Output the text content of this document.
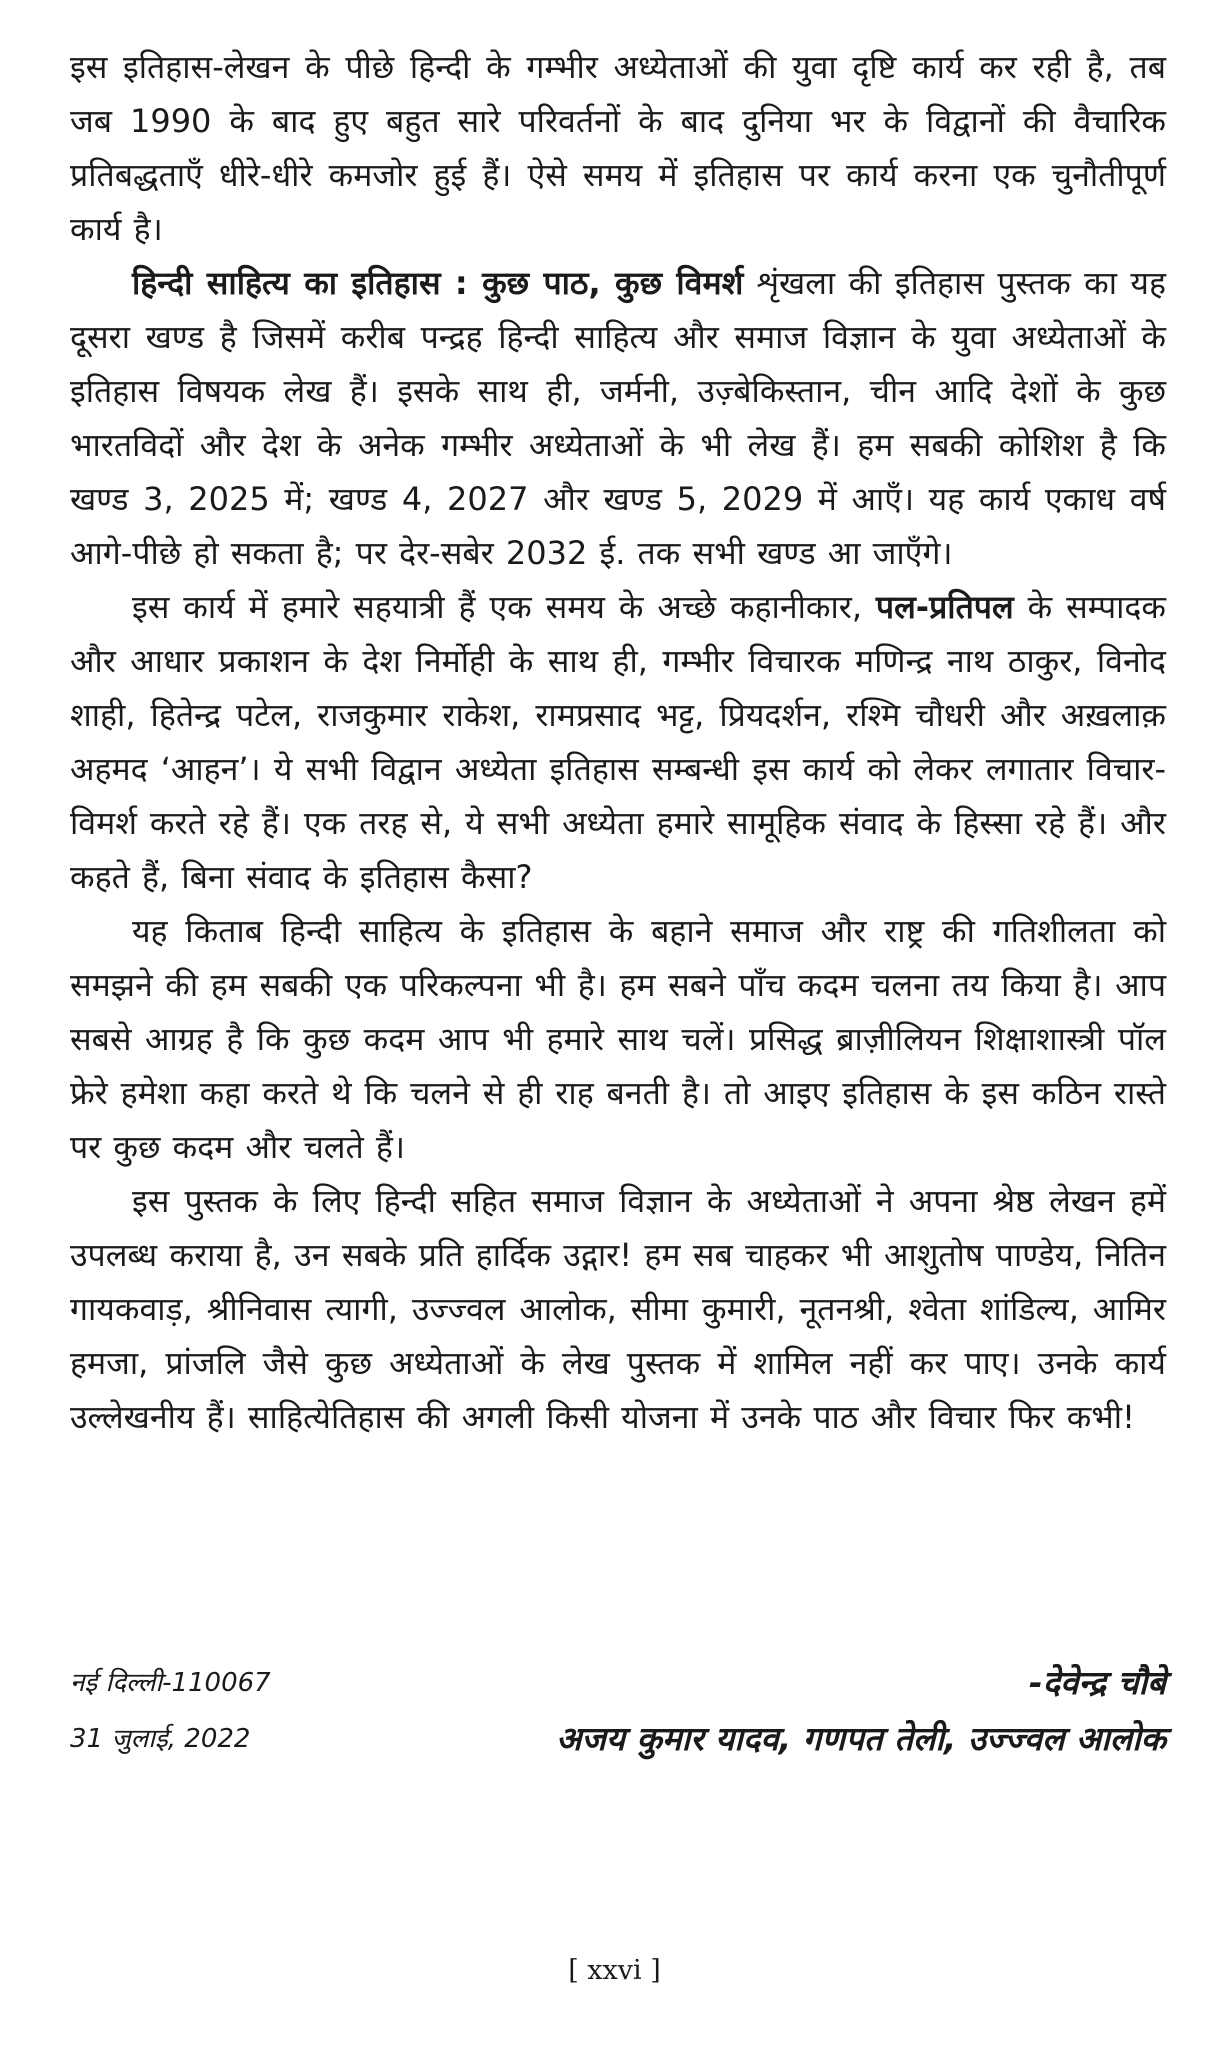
इस इतिहास-लेखन के पीछे हिन्दी के गम्भीर अध्येताओं की युवा दृष्टि कार्य कर रही है, तब जब 1990 के बाद हुए बहुत सारे परिवर्तनों के बाद दुनिया भर के विद्वानों की वैचारिक प्रतिबद्धताएँ धीरे-धीरे कमजोर हुई हैं। ऐसे समय में इतिहास पर कार्य करना एक चुनौतीपूर्ण कार्य है।

हिन्दी साहित्य का इतिहास : कुछ पाठ, कुछ विमर्श शृंखला की इतिहास पुस्तक का यह दूसरा खण्ड है जिसमें करीब पन्द्रह हिन्दी साहित्य और समाज विज्ञान के युवा अध्येताओं के इतिहास विषयक लेख हैं। इसके साथ ही, जर्मनी, उज़्बेकिस्तान, चीन आदि देशों के कुछ भारतविदों और देश के अनेक गम्भीर अध्येताओं के भी लेख हैं। हम सबकी कोशिश है कि खण्ड 3, 2025 में; खण्ड 4, 2027 और खण्ड 5, 2029 में आएँ। यह कार्य एकाध वर्ष आगे-पीछे हो सकता है; पर देर-सबेर 2032 ई. तक सभी खण्ड आ जाएँगे।

इस कार्य में हमारे सहयात्री हैं एक समय के अच्छे कहानीकार, पल-प्रतिपल के सम्पादक और आधार प्रकाशन के देश निर्मोही के साथ ही, गम्भीर विचारक मणिन्द्र नाथ ठाकुर, विनोद शाही, हितेन्द्र पटेल, राजकुमार राकेश, रामप्रसाद भट्ट, प्रियदर्शन, रश्मि चौधरी और अख़लाक़ अहमद ‘आहन’। ये सभी विद्वान अध्येता इतिहास सम्बन्धी इस कार्य को लेकर लगातार विचार-विमर्श करते रहे हैं। एक तरह से, ये सभी अध्येता हमारे सामूहिक संवाद के हिस्सा रहे हैं। और कहते हैं, बिना संवाद के इतिहास कैसा?

यह किताब हिन्दी साहित्य के इतिहास के बहाने समाज और राष्ट्र की गतिशीलता को समझने की हम सबकी एक परिकल्पना भी है। हम सबने पाँच कदम चलना तय किया है। आप सबसे आग्रह है कि कुछ कदम आप भी हमारे साथ चलें। प्रसिद्ध ब्राज़ीलियन शिक्षाशास्त्री पॉल फ्रेरे हमेशा कहा करते थे कि चलने से ही राह बनती है। तो आइए इतिहास के इस कठिन रास्ते पर कुछ कदम और चलते हैं।

इस पुस्तक के लिए हिन्दी सहित समाज विज्ञान के अध्येताओं ने अपना श्रेष्ठ लेखन हमें उपलब्ध कराया है, उन सबके प्रति हार्दिक उद्गार! हम सब चाहकर भी आशुतोष पाण्डेय, नितिन गायकवाड़, श्रीनिवास त्यागी, उज्ज्वल आलोक, सीमा कुमारी, नूतनश्री, श्वेता शांडिल्य, आमिर हमजा, प्रांजलि जैसे कुछ अध्येताओं के लेख पुस्तक में शामिल नहीं कर पाए। उनके कार्य उल्लेखनीय हैं। साहित्येतिहास की अगली किसी योजना में उनके पाठ और विचार फिर कभी!

नई दिल्ली-110067
31 जुलाई, 2022
-देवेन्द्र चौबे
अजय कुमार यादव, गणपत तेली, उज्ज्वल आलोक
[ xxvi ]
